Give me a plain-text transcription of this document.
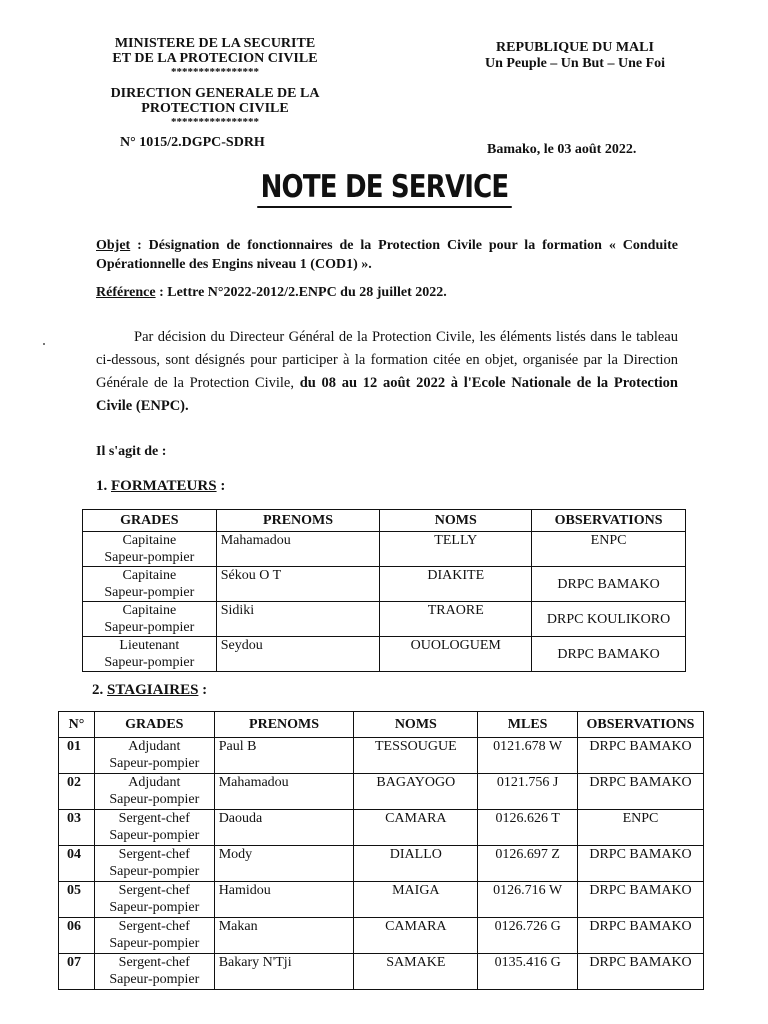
MINISTERE DE LA SECURITE
ET DE LA PROTECION CIVILE
****************
DIRECTION GENERALE DE LA
PROTECTION CIVILE
****************
REPUBLIQUE DU MALI
Un Peuple – Un But – Une Foi
N° 1015/2.DGPC-SDRH	Bamako, le 03 août 2022.
NOTE DE SERVICE
Objet : Désignation de fonctionnaires de la Protection Civile pour la formation « Conduite Opérationnelle des Engins niveau 1 (COD1) ».
Référence : Lettre N°2022-2012/2.ENPC du 28 juillet 2022.
Par décision du Directeur Général de la Protection Civile, les éléments listés dans le tableau ci-dessous, sont désignés pour participer à la formation citée en objet, organisée par la Direction Générale de la Protection Civile, du 08 au 12 août 2022 à l'Ecole Nationale de la Protection Civile (ENPC).
Il s'agit de :
1. FORMATEURS :
GRADES	PRENOMS	NOMS	OBSERVATIONS

Capitaine
Sapeur-pompier	Mahamadou	TELLY	ENPC

Capitaine
Sapeur-pompier	Sékou O T	DIAKITE	DRPC BAMAKO

Capitaine
Sapeur-pompier	Sidiki	TRAORE	DRPC KOULIKORO

Lieutenant
Sapeur-pompier	Seydou	OUOLOGUEM	DRPC BAMAKO
2. STAGIAIRES :
N°	GRADES	PRENOMS	NOMS	MLES	OBSERVATIONS
01	Adjudant
Sapeur-pompier	Paul B	TESSOUGUE	0121.678 W	DRPC BAMAKO
02	Adjudant
Sapeur-pompier	Mahamadou	BAGAYOGO	0121.756 J	DRPC BAMAKO
03	Sergent-chef
Sapeur-pompier	Daouda	CAMARA	0126.626 T	ENPC
04	Sergent-chef
Sapeur-pompier	Mody	DIALLO	0126.697 Z	DRPC BAMAKO
05	Sergent-chef
Sapeur-pompier	Hamidou	MAIGA	0126.716 W	DRPC BAMAKO
06	Sergent-chef
Sapeur-pompier	Makan	CAMARA	0126.726 G	DRPC BAMAKO
07	Sergent-chef
Sapeur-pompier	Bakary N'Tji	SAMAKE	0135.416 G	DRPC BAMAKO
